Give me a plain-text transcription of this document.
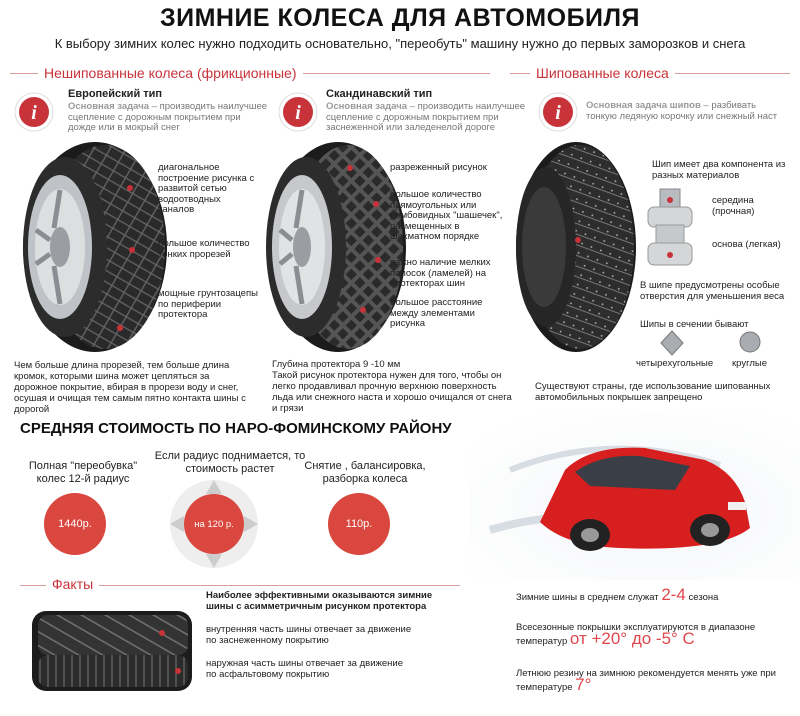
ЗИМНИЕ КОЛЕСА ДЛЯ АВТОМОБИЛЯ
К выбору зимних колес нужно подходить основательно, "переобуть" машину нужно до первых заморозков и снега
Нешипованные колеса (фрикционные)	Шипованные колеса
i	i	i
Европейский тип
Основная задача – производить наилучшее сцепление с дорожным покрытием при дожде или в мокрый снег
Скандинавский тип
Основная задача – производить наилучшее сцепление с дорожным покрытием при заснеженной или заледенелой дороге
Основная задача шипов – разбивать тонкую ледяную корочку или снежный наст
диагональное построение рисунка с развитой сетью водоотводных каналов
большое количество тонких прорезей
мощные грунтозацепы по периферии протектора
разреженный рисунок
большое количество прямоугольных или ромбовидных "шашечек", размещенных в шахматном порядке
важно наличие мелких полосок (ламелей) на протекторах шин
большое расстояние между элементами рисунка
Шип имеет два компонента из разных материалов
середина (прочная)
основа (легкая)
В шипе предусмотрены особые отверстия для уменьшения веса
Шипы в сечении бывают
четырехугольные круглые
Чем больше длина прорезей, тем больше длина кромок, которыми шина может цепляться за дорожное покрытие, вбирая в прорези воду и снег, осушая и очищая тем самым пятно контакта шины с дорогой
Глубина протектора 9 -10 мм
Такой рисунок протектора нужен для того, чтобы он легко продавливал прочную верхнюю поверхность льда или снежного наста и хорошо очищался от снега и грязи
Существуют страны, где использование шипованных автомобильных покрышек запрещено
СРЕДНЯЯ СТОИМОСТЬ ПО НАРО-ФОМИНСКОМУ РАЙОНУ
Полная "переобувка" колес 12-й радиус
Если радиус поднимается, то стоимость растет	Снятие , балансировка, разборка колеса
1440р.	на 120 р.	110р.
Факты
Наиболее эффективными оказываются зимние шины с асимметричным рисунком протектора
внутренняя часть шины отвечает за движение по заснеженному покрытию
наружная часть шины отвечает за движение по асфальтовому покрытию
Зимние шины в среднем служат 2-4 сезона
Всесезонные покрышки эксплуатируются в диапазоне температур от +20° до -5° С
Летнюю резину на зимнюю рекомендуется менять уже при температуре 7°
